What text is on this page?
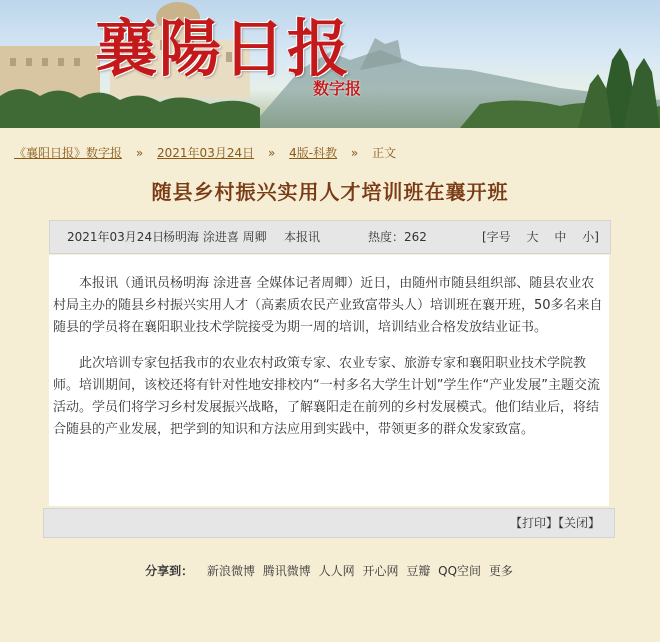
襄陽日报
数字报
《襄阳日报》数字报 » 2021年03月24日 » 4版-科教 » 正文
随县乡村振兴实用人才培训班在襄开班
2021年03月24日
杨明海 涂进喜 周卿 本报讯	热度：262	[字号 大 中 小]

本报讯（通讯员杨明海 涂进喜 全媒体记者周卿）近日，由随州市随县组织部、随县农业农村局主办的随县乡村振兴实用人才（高素质农民产业致富带头人）培训班在襄开班，50多名来自随县的学员将在襄阳职业技术学院接受为期一周的培训，培训结业合格发放结业证书。

此次培训专家包括我市的农业农村政策专家、农业专家、旅游专家和襄阳职业技术学院教师。培训期间，该校还将有针对性地安排校内“一村多名大学生计划”学生作“产业发展”主题交流活动。学员们将学习乡村发展振兴战略，了解襄阳走在前列的乡村发展模式。他们结业后，将结合随县的产业发展，把学到的知识和方法应用到实践中，带领更多的群众发家致富。

【打印】【关闭】
分享到： 新浪微博 腾讯微博 人人网 开心网 豆瓣 QQ空间 更多
